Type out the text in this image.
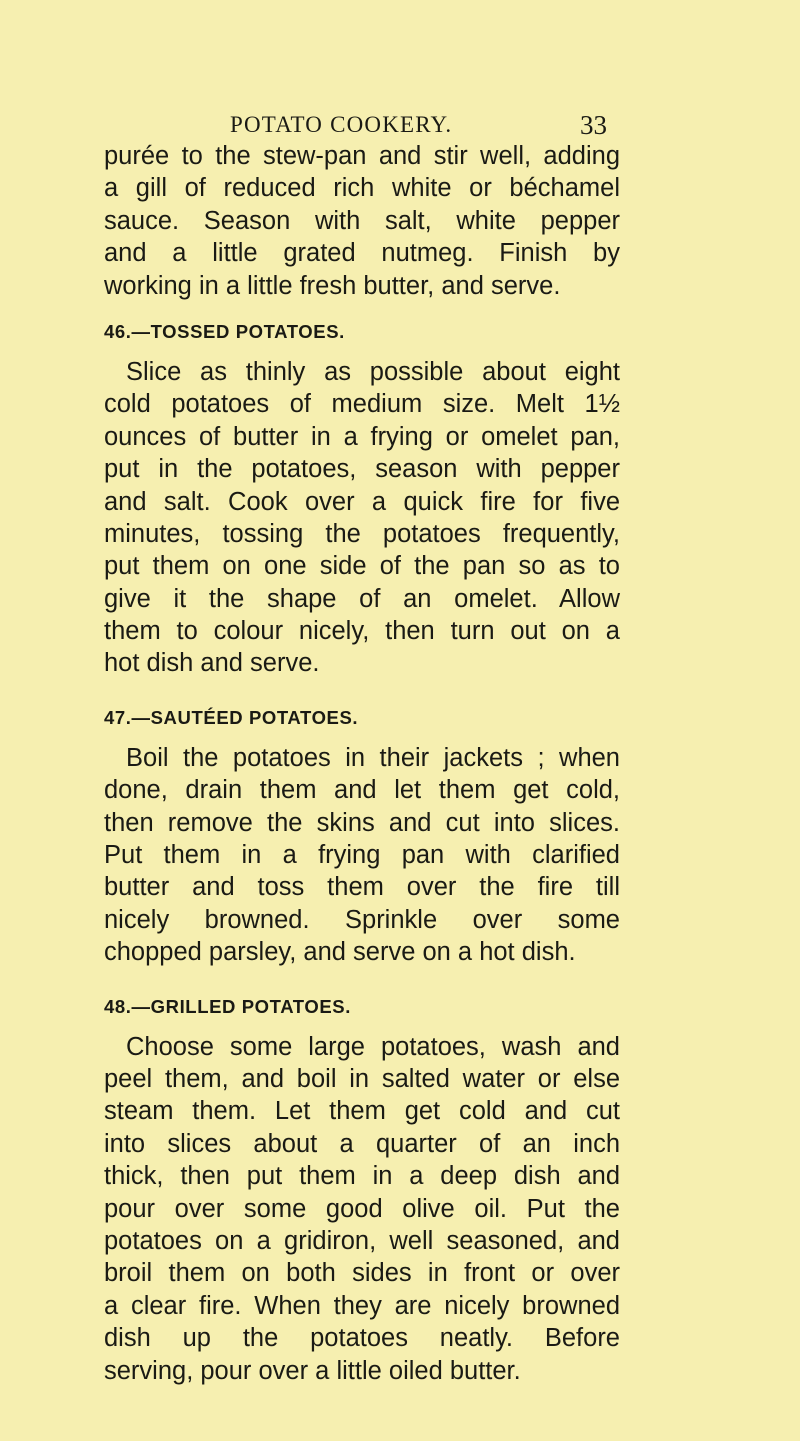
POTATO COOKERY.	33

purée to the stew-pan and stir well, adding
a gill of reduced rich white or béchamel
sauce. Season with salt, white pepper
and a little grated nutmeg. Finish by
working in a little fresh butter, and serve.

46.—TOSSED POTATOES.

Slice as thinly as possible about eight
cold potatoes of medium size. Melt 1½
ounces of butter in a frying or omelet pan,
put in the potatoes, season with pepper
and salt. Cook over a quick fire for five
minutes, tossing the potatoes frequently,
put them on one side of the pan so as to
give it the shape of an omelet. Allow
them to colour nicely, then turn out on a
hot dish and serve.

47.—SAUTÉED POTATOES.

Boil the potatoes in their jackets ; when
done, drain them and let them get cold,
then remove the skins and cut into slices.
Put them in a frying pan with clarified
butter and toss them over the fire till
nicely browned. Sprinkle over some
chopped parsley, and serve on a hot dish.

48.—GRILLED POTATOES.

Choose some large potatoes, wash and
peel them, and boil in salted water or else
steam them. Let them get cold and cut
into slices about a quarter of an inch
thick, then put them in a deep dish and
pour over some good olive oil. Put the
potatoes on a gridiron, well seasoned, and
broil them on both sides in front or over
a clear fire. When they are nicely browned
dish up the potatoes neatly. Before
serving, pour over a little oiled butter.
